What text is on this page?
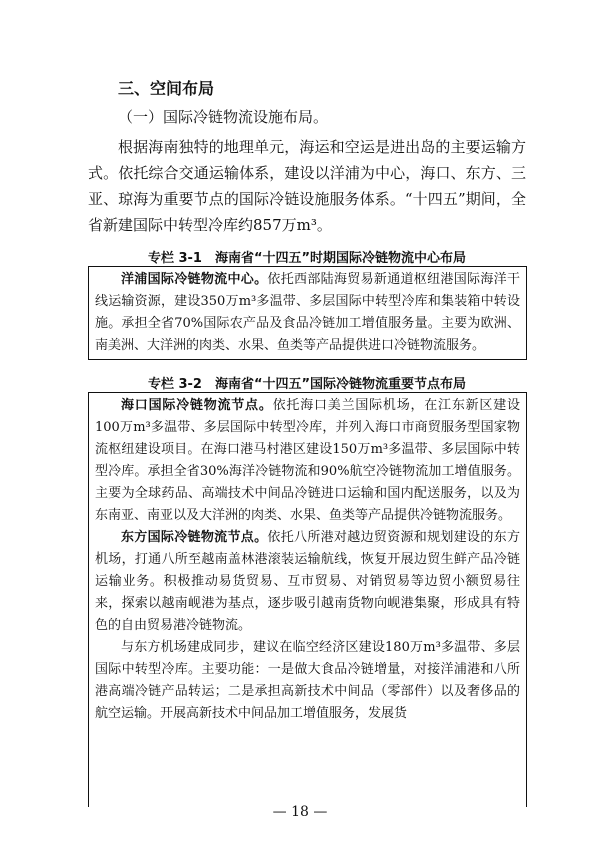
三、空间布局
（一）国际冷链物流设施布局。
根据海南独特的地理单元，海运和空运是进出岛的主要运输方式。依托综合交通运输体系，建设以洋浦为中心，海口、东方、三亚、琼海为重要节点的国际冷链设施服务体系。“十四五”期间，全省新建国际中转型冷库约857万m³。
专栏 3-1　海南省“十四五”时期国际冷链物流中心布局

洋浦国际冷链物流中心。依托西部陆海贸易新通道枢纽港国际海洋干线运输资源，建设350万m³多温带、多层国际中转型冷库和集装箱中转设施。承担全省70%国际农产品及食品冷链加工增值服务量。主要为欧洲、南美洲、大洋洲的肉类、水果、鱼类等产品提供进口冷链物流服务。

专栏 3-2　海南省“十四五”国际冷链物流重要节点布局

海口国际冷链物流节点。依托海口美兰国际机场，在江东新区建设100万m³多温带、多层国际中转型冷库，并列入海口市商贸服务型国家物流枢纽建设项目。在海口港马村港区建设150万m³多温带、多层国际中转型冷库。承担全省30%海洋冷链物流和90%航空冷链物流加工增值服务。主要为全球药品、高端技术中间品冷链进口运输和国内配送服务，以及为东南亚、南亚以及大洋洲的肉类、水果、鱼类等产品提供冷链物流服务。

东方国际冷链物流节点。依托八所港对越边贸资源和规划建设的东方机场，打通八所至越南盖林港滚装运输航线，恢复开展边贸生鲜产品冷链运输业务。积极推动易货贸易、互市贸易、对销贸易等边贸小额贸易往来，探索以越南岘港为基点，逐步吸引越南货物向岘港集聚，形成具有特色的自由贸易港冷链物流。

与东方机场建成同步，建议在临空经济区建设180万m³多温带、多层国际中转型冷库。主要功能：一是做大食品冷链增量，对接洋浦港和八所港高端冷链产品转运；二是承担高新技术中间品（零部件）以及奢侈品的航空运输。开展高新技术中间品加工增值服务，发展货

— 18 —
